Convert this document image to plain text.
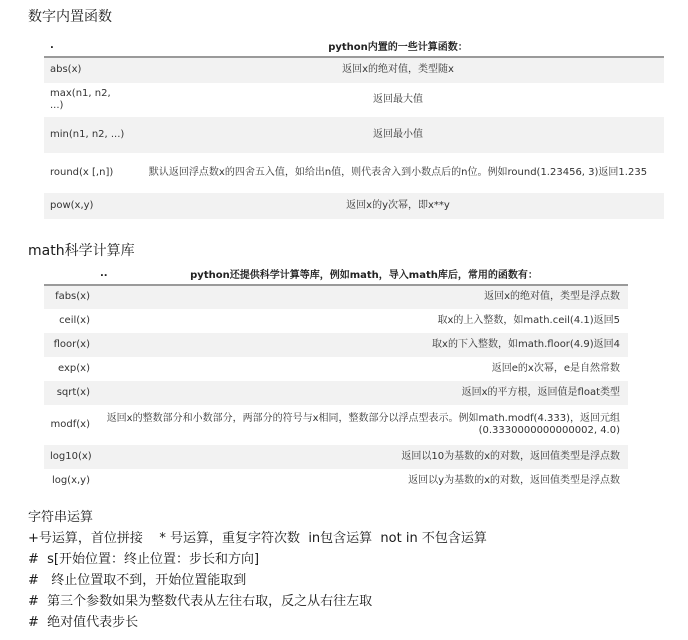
数字内置函数
.	python内置的一些计算函数：
abs(x)	返回x的绝对值，类型随x
max(n1, n2, ...)	返回最大值
min(n1, n2, ...)	返回最小值
round(x [,n])	默认返回浮点数x的四舍五入值，如给出n值，则代表舍入到小数点后的n位。例如round(1.23456, 3)返回1.235
pow(x,y)	返回x的y次幂，即x**y
math科学计算库
..	python还提供科学计算等库，例如math，导入math库后，常用的函数有：
fabs(x)	返回x的绝对值，类型是浮点数
ceil(x)	取x的上入整数，如math.ceil(4.1)返回5
floor(x)	取x的下入整数，如math.floor(4.9)返回4
exp(x)	返回e的x次幂，e是自然常数
sqrt(x)	返回x的平方根，返回值是float类型
modf(x)	返回x的整数部分和小数部分，两部分的符号与x相同，整数部分以浮点型表示。例如math.modf(4.333)，返回元组(0.3330000000000002, 4.0)
log10(x)	返回以10为基数的x的对数，返回值类型是浮点数
log(x,y)	返回以y为基数的x的对数，返回值类型是浮点数
字符串运算
+号运算，首位拼接    * 号运算，重复字符次数  in包含运算  not in 不包含运算
#  s[开始位置：终止位置：步长和方向]
#   终止位置取不到，开始位置能取到
#  第三个参数如果为整数代表从左往右取，反之从右往左取
#  绝对值代表步长
